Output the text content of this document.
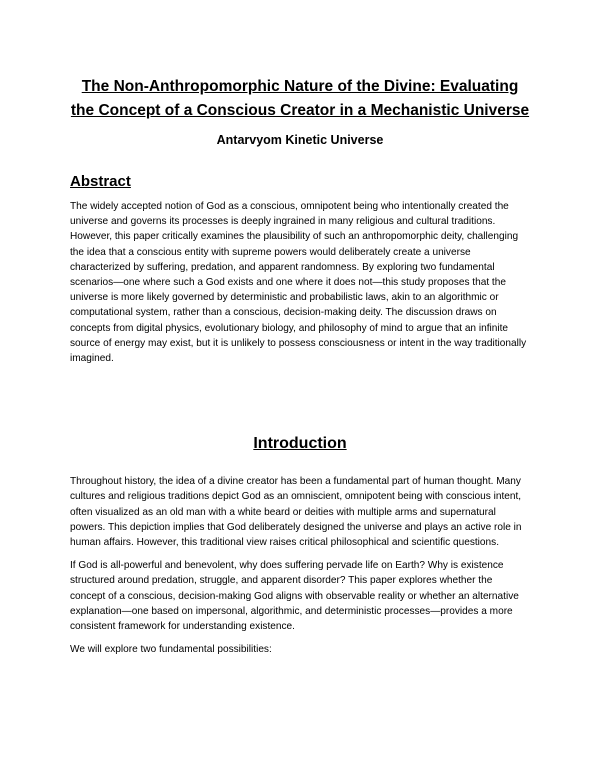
The Non-Anthropomorphic Nature of the Divine: Evaluating
the Concept of a Conscious Creator in a Mechanistic Universe

Antarvyom Kinetic Universe

Abstract

The widely accepted notion of God as a conscious, omnipotent being who intentionally created the universe and governs its processes is deeply ingrained in many religious and cultural traditions. However, this paper critically examines the plausibility of such an anthropomorphic deity, challenging the idea that a conscious entity with supreme powers would deliberately create a universe characterized by suffering, predation, and apparent randomness. By exploring two fundamental scenarios—one where such a God exists and one where it does not—this study proposes that the universe is more likely governed by deterministic and probabilistic laws, akin to an algorithmic or computational system, rather than a conscious, decision-making deity. The discussion draws on concepts from digital physics, evolutionary biology, and philosophy of mind to argue that an infinite source of energy may exist, but it is unlikely to possess consciousness or intent in the way traditionally imagined.

Introduction

Throughout history, the idea of a divine creator has been a fundamental part of human thought. Many cultures and religious traditions depict God as an omniscient, omnipotent being with conscious intent, often visualized as an old man with a white beard or deities with multiple arms and supernatural powers. This depiction implies that God deliberately designed the universe and plays an active role in human affairs. However, this traditional view raises critical philosophical and scientific questions.

If God is all-powerful and benevolent, why does suffering pervade life on Earth? Why is existence structured around predation, struggle, and apparent disorder? This paper explores whether the concept of a conscious, decision-making God aligns with observable reality or whether an alternative explanation—one based on impersonal, algorithmic, and deterministic processes—provides a more consistent framework for understanding existence.

We will explore two fundamental possibilities:
